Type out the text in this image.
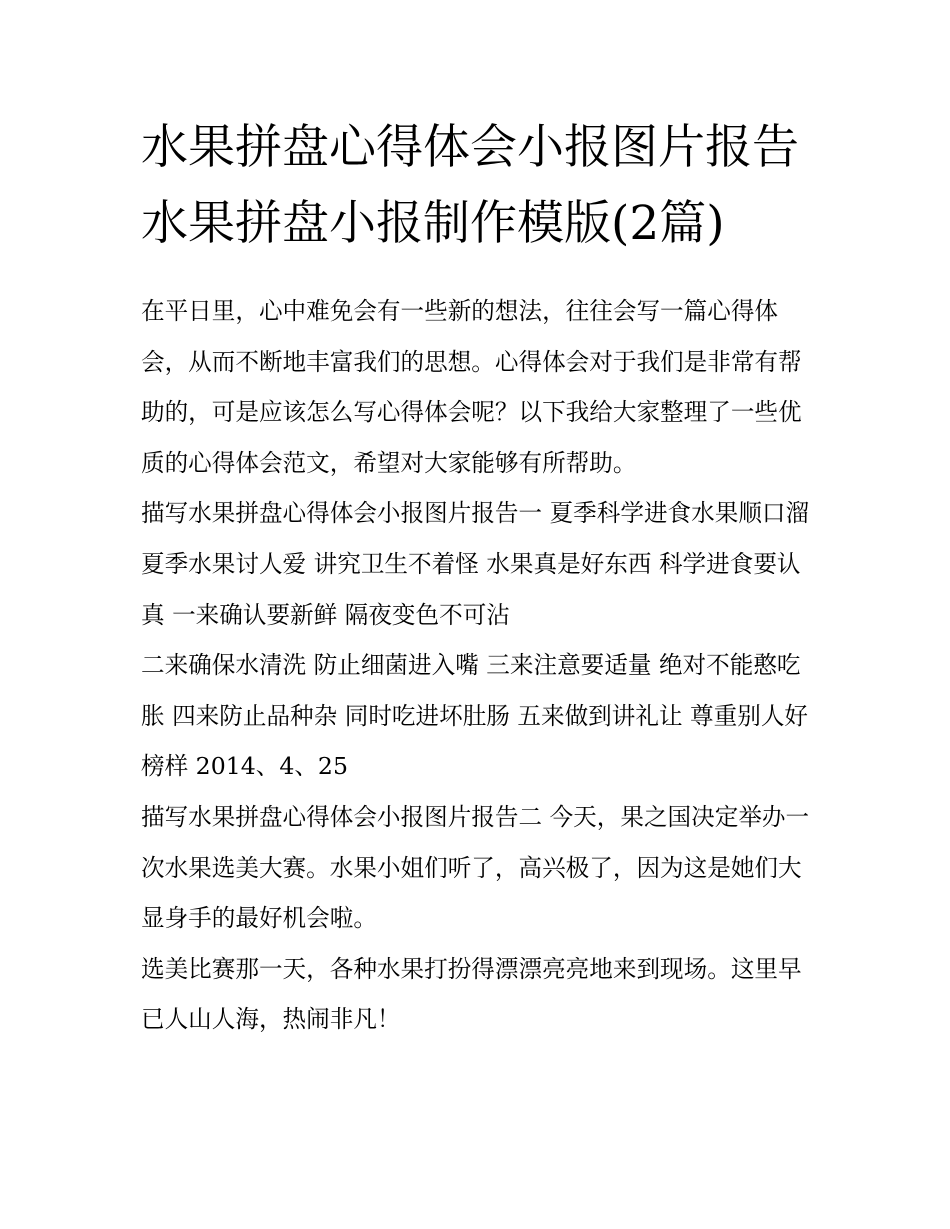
水果拼盘心得体会小报图片报告 水果拼盘小报制作模版(2篇)

在平日里，心中难免会有一些新的想法，往往会写一篇心得体会，从而不断地丰富我们的思想。心得体会对于我们是非常有帮助的，可是应该怎么写心得体会呢？以下我给大家整理了一些优质的心得体会范文，希望对大家能够有所帮助。

描写水果拼盘心得体会小报图片报告一 夏季科学进食水果顺口溜 夏季水果讨人爱 讲究卫生不着怪 水果真是好东西 科学进食要认真 一来确认要新鲜 隔夜变色不可沾

二来确保水清洗 防止细菌进入嘴 三来注意要适量 绝对不能憨吃胀 四来防止品种杂 同时吃进坏肚肠 五来做到讲礼让 尊重别人好榜样 2014、4、25

描写水果拼盘心得体会小报图片报告二 今天，果之国决定举办一次水果选美大赛。水果小姐们听了，高兴极了，因为这是她们大显身手的最好机会啦。

选美比赛那一天，各种水果打扮得漂漂亮亮地来到现场。这里早已人山人海，热闹非凡！
